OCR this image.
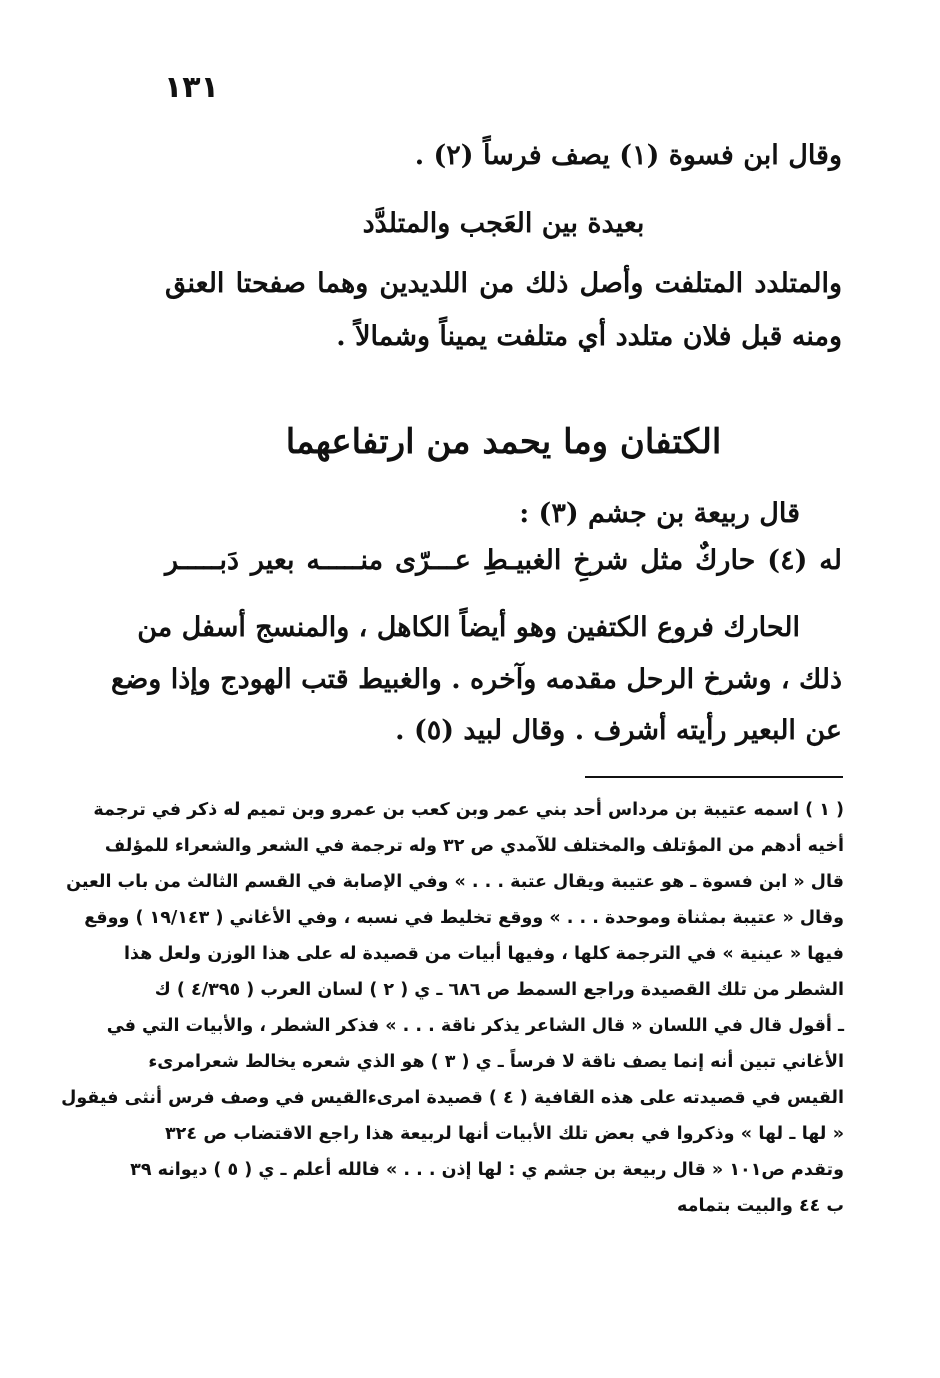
١٣١
وقال ابن فسوة (١) يصف فرساً (٢) .
بعيدة بين العَجب والمتلدَّد
والمتلدد المتلفت وأصل ذلك من اللديدين وهما صفحتا العنق
ومنه قبل فلان متلدد أي متلفت يميناً وشمالاً .
الكتفان وما يحمد من ارتفاعهما
قال ربيعة بن جشم (٣) :
له (٤) حاركٌ مثل شرخِ الغبيـطِ عـــرّى منـــــه بعير دَبـــــر
الحارك فروع الكتفين وهو أيضاً الكاهل ، والمنسج أسفل من
ذلك ، وشرخ الرحل مقدمه وآخره . والغبيط قتب الهودج وإذا وضع
عن البعير رأيته أشرف . وقال لبيد (٥) .
( ١ ) اسمه عتيبة بن مرداس أحد بني عمر وبن كعب بن عمرو وبن تميم له ذكر في ترجمة
أخيه أدهم من المؤتلف والمختلف للآمدي ص ٣٢ وله ترجمة في الشعر والشعراء للمؤلف
قال « ابن فسوة ـ هو عتيبة ويقال عتبة . . . » وفي الإصابة في القسم الثالث من باب العين
وقال « عتيبة بمثناة وموحدة . . . » ووقع تخليط في نسبه ، وفي الأغاني ( ١٩/١٤٣ ) ووقع
فيها « عينية » في الترجمة كلها ، وفيها أبيات من قصيدة له على هذا الوزن ولعل هذا
الشطر من تلك القصيدة وراجع السمط ص ٦٨٦ ـ ي ( ٢ ) لسان العرب ( ٤/٣٩٥ ) ك
ـ أقول قال في اللسان « قال الشاعر يذكر ناقة . . . » فذكر الشطر ، والأبيات التي في
الأغاني تبين أنه إنما يصف ناقة لا فرساً ـ ي ( ٣ ) هو الذي شعره يخالط شعرامرىء
القيس في قصيدته على هذه القافية ( ٤ ) قصيدة امرىءالقيس في وصف فرس أنثى فيقول
« لها ـ لها » وذكروا في بعض تلك الأبيات أنها لربيعة هذا راجع الاقتضاب ص ٣٢٤
وتقدم ص١٠١ « قال ربيعة بن جشم ي : لها إذن . . . » فالله أعلم ـ ي ( ٥ ) ديوانه ٣٩
ب ٤٤ والبيت بتمامه
